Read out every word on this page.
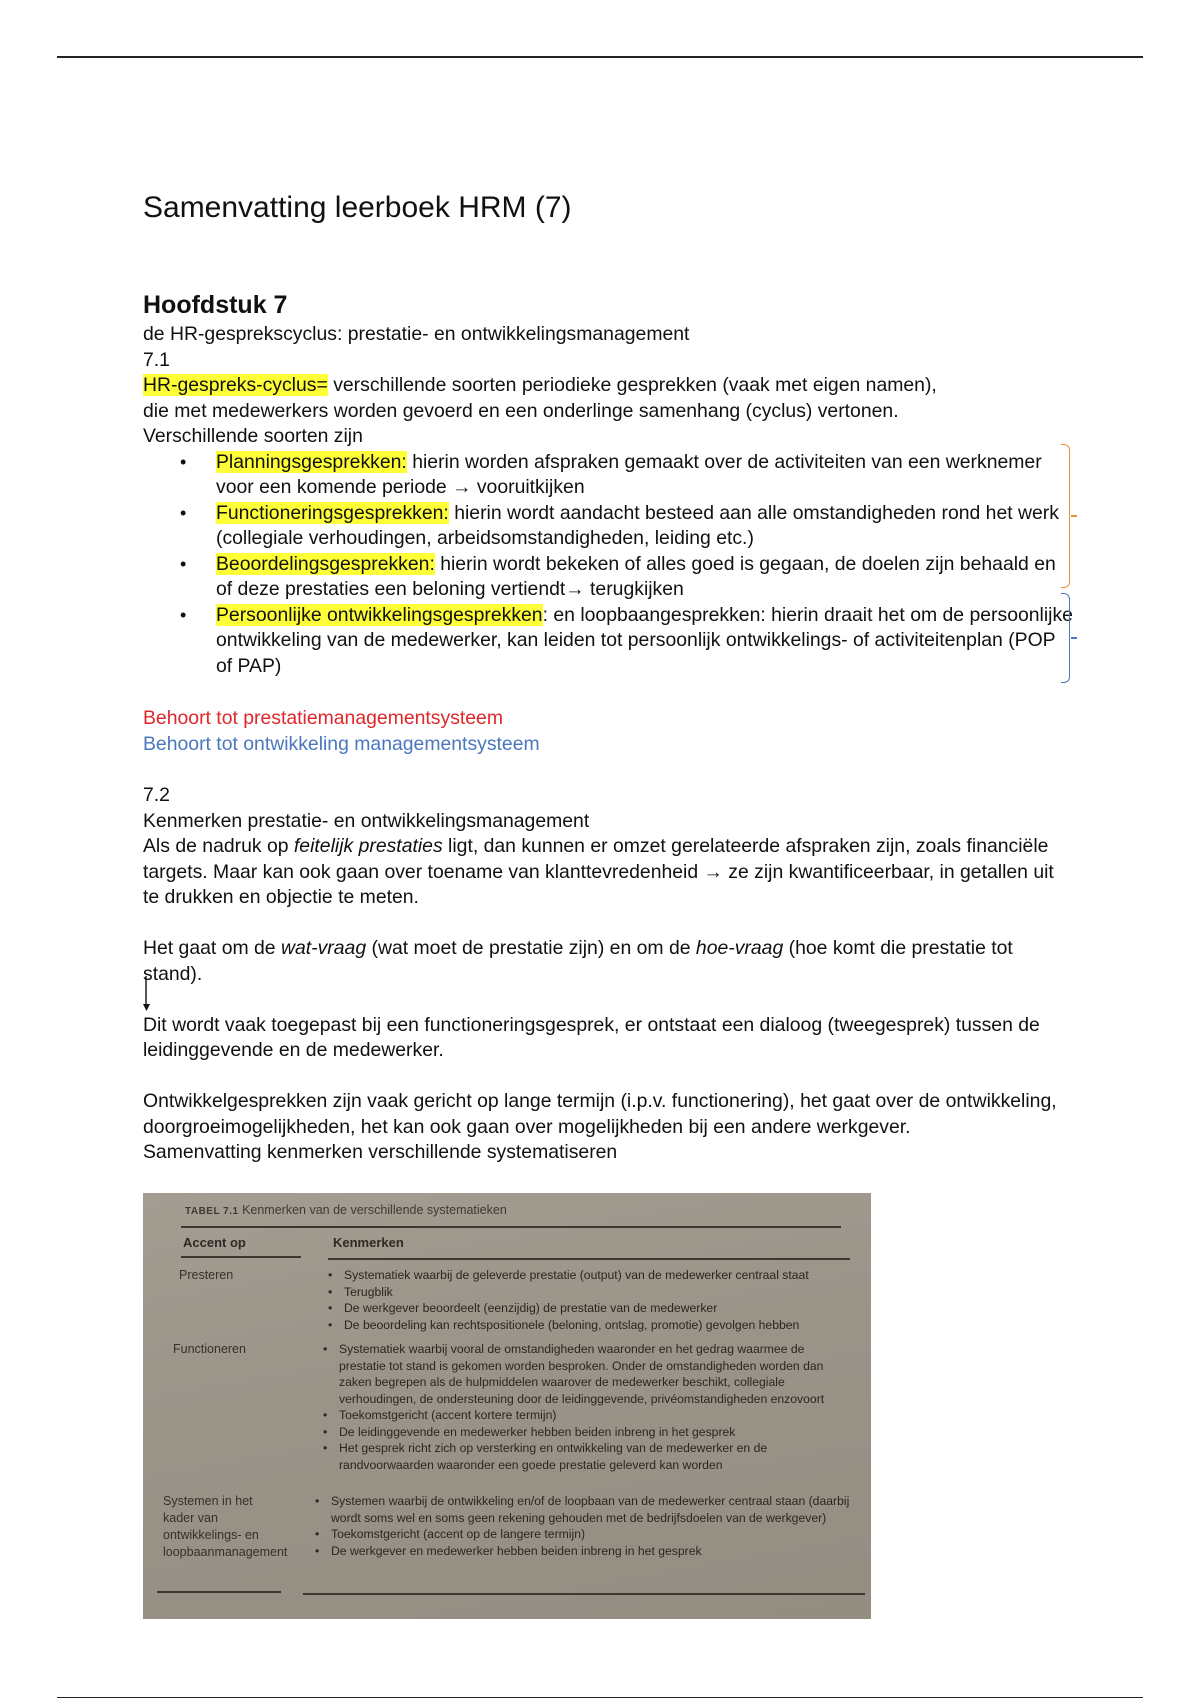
Samenvatting leerboek HRM (7)
Hoofdstuk 7

de HR-gesprekscyclus: prestatie- en ontwikkelingsmanagement

7.1

HR-gespreks-cyclus= verschillende soorten periodieke gesprekken (vaak met eigen namen),
die met medewerkers worden gevoerd en een onderlinge samenhang (cyclus) vertonen.

Verschillende soorten zijn

• Planningsgesprekken: hierin worden afspraken gemaakt over de activiteiten van een werknemer voor een komende periode → vooruitkijken
• Functioneringsgesprekken: hierin wordt aandacht besteed aan alle omstandigheden rond het werk (collegiale verhoudingen, arbeidsomstandigheden, leiding etc.)
• Beoordelingsgesprekken: hierin wordt bekeken of alles goed is gegaan, de doelen zijn behaald en of deze prestaties een beloning vertiendt→ terugkijken
• Persoonlijke ontwikkelingsgesprekken: en loopbaangesprekken: hierin draait het om de persoonlijke ontwikkeling van de medewerker, kan leiden tot persoonlijk ontwikkelings- of activiteitenplan (POP of PAP)

Behoort tot prestatiemanagementsysteem

Behoort tot ontwikkeling managementsysteem

7.2

Kenmerken prestatie- en ontwikkelingsmanagement

Als de nadruk op feitelijk prestaties ligt, dan kunnen er omzet gerelateerde afspraken zijn, zoals financiële targets. Maar kan ook gaan over toename van klanttevredenheid → ze zijn kwantificeerbaar, in getallen uit te drukken en objectie te meten.

Het gaat om de wat-vraag (wat moet de prestatie zijn) en om de hoe-vraag (hoe komt die prestatie tot stand).

Dit wordt vaak toegepast bij een functioneringsgesprek, er ontstaat een dialoog (tweegesprek) tussen de leidinggevende en de medewerker.

Ontwikkelgesprekken zijn vaak gericht op lange termijn (i.p.v. functionering), het gaat over de ontwikkeling, doorgroeimogelijkheden, het kan ook gaan over mogelijkheden bij een andere werkgever.

Samenvatting kenmerken verschillende systematiseren

TABEL 7.1 Kenmerken van de verschillende systematieken
Accent op	Kenmerken
Presteren	• Systematiek waarbij de geleverde prestatie (output) van de medewerker centraal staat
• Terugblik
• De werkgever beoordeelt (eenzijdig) de prestatie van de medewerker
• De beoordeling kan rechtspositionele (beloning, ontslag, promotie) gevolgen hebben
Functioneren	• Systematiek waarbij vooral de omstandigheden waaronder en het gedrag waarmee de prestatie tot stand is gekomen worden besproken. Onder de omstandigheden worden dan zaken begrepen als de hulpmiddelen waarover de medewerker beschikt, collegiale verhoudingen, de ondersteuning door de leidinggevende, privéomstandigheden enzovoort
• Toekomstgericht (accent kortere termijn)
• De leidinggevende en medewerker hebben beiden inbreng in het gesprek
• Het gesprek richt zich op versterking en ontwikkeling van de medewerker en de randvoorwaarden waaronder een goede prestatie geleverd kan worden
Systemen in het kader van ontwikkelings- en loopbaanmanagement
• Systemen waarbij de ontwikkeling en/of de loopbaan van de medewerker centraal staan (daarbij wordt soms wel en soms geen rekening gehouden met de bedrijfsdoelen van de werkgever)
• Toekomstgericht (accent op de langere termijn)
• De werkgever en medewerker hebben beiden inbreng in het gesprek
